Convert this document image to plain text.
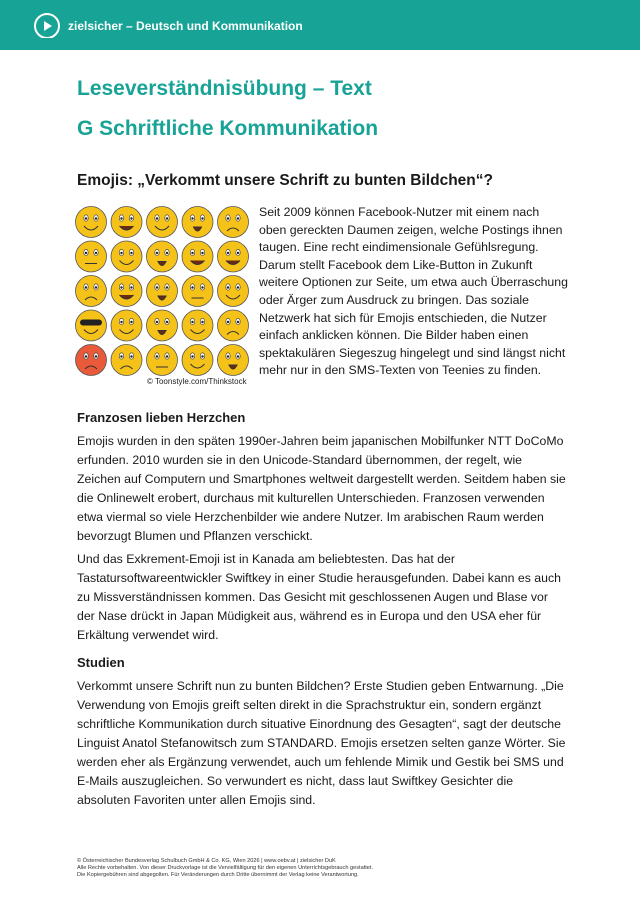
zielsicher – Deutsch und Kommunikation
Leseverständnisübung – Text
G Schriftliche Kommunikation
Emojis: „Verkommt unsere Schrift zu bunten Bildchen“?
© Toonstyle.com/Thinkstock

Seit 2009 können Facebook-Nutzer mit einem nach oben gereckten Daumen zeigen, welche Postings ihnen taugen. Eine recht eindimensionale Gefühlsregung. Darum stellt Facebook dem Like-Button in Zukunft weitere Optionen zur Seite, um etwa auch Überraschung oder Ärger zum Ausdruck zu bringen. Das soziale Netzwerk hat sich für Emojis entschieden, die Nutzer einfach anklicken können. Die Bilder haben einen spektakulären Siegeszug hingelegt und sind längst nicht mehr nur in den SMS-Texten von Teenies zu finden.

Franzosen lieben Herzchen

Emojis wurden in den späten 1990er-Jahren beim japanischen Mobilfunker NTT DoCoMo erfunden. 2010 wurden sie in den Unicode-Standard übernommen, der regelt, wie Zeichen auf Computern und Smartphones weltweit dargestellt werden. Seitdem haben sie die Onlinewelt erobert, durchaus mit kulturellen Unterschieden. Franzosen verwenden etwa viermal so viele Herzchenbilder wie andere Nutzer. Im arabischen Raum werden bevorzugt Blumen und Pflanzen verschickt.

Und das Exkrement-Emoji ist in Kanada am beliebtesten. Das hat der Tastatursoftwareentwickler Swiftkey in einer Studie herausgefunden. Dabei kann es auch zu Missverständnissen kommen. Das Gesicht mit geschlossenen Augen und Blase vor der Nase drückt in Japan Müdigkeit aus, während es in Europa und den USA eher für Erkältung verwendet wird.

Studien

Verkommt unsere Schrift nun zu bunten Bildchen? Erste Studien geben Entwarnung. „Die Verwendung von Emojis greift selten direkt in die Sprachstruktur ein, sondern ergänzt schriftliche Kommunikation durch situative Einordnung des Gesagten“, sagt der deutsche Linguist Anatol Stefanowitsch zum STANDARD. Emojis ersetzen selten ganze Wörter. Sie werden eher als Ergänzung verwendet, auch um fehlende Mimik und Gestik bei SMS und E-Mails auszugleichen. So verwundert es nicht, dass laut Swiftkey Gesichter die absoluten Favoriten unter allen Emojis sind.

© Österreichischer Bundesverlag Schulbuch GmbH & Co. KG, Wien 2026 | www.oebv.at | zielsicher DuK
Alle Rechte vorbehalten. Von dieser Druckvorlage ist die Vervielfältigung für den eigenen Unterrichtsgebrauch gestattet.
Die Kopiergebühren sind abgegolten. Für Veränderungen durch Dritte übernimmt der Verlag keine Verantwortung.
